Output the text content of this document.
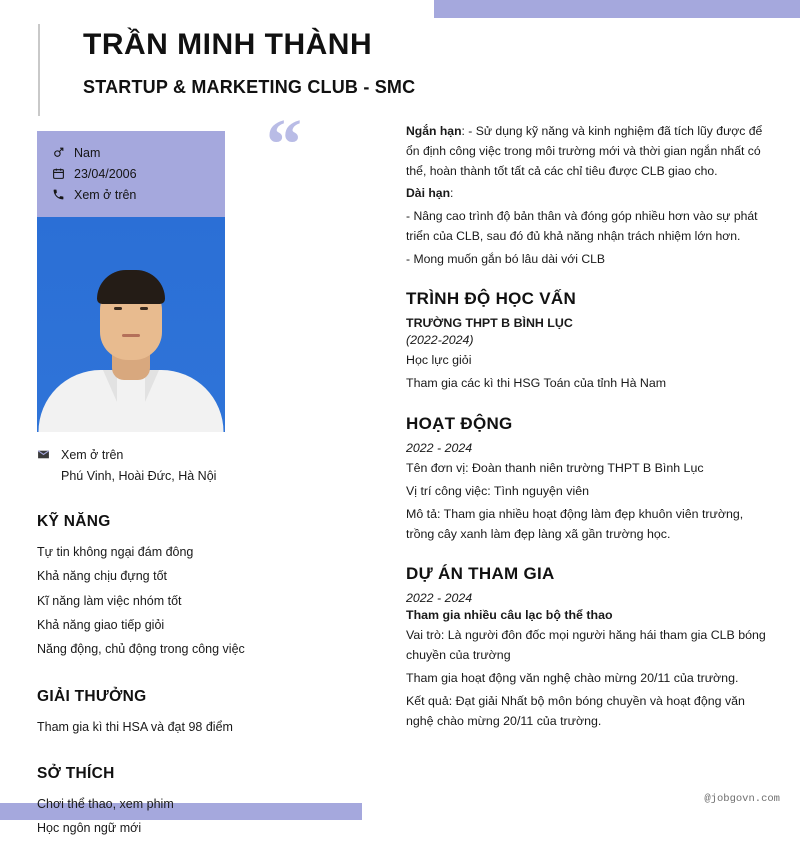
TRẦN MINH THÀNH
STARTUP & MARKETING CLUB - SMC
“
Nam
23/04/2006
Xem ở trên
Xem ở trên
Phú Vinh, Hoài Đức, Hà Nội
KỸ NĂNG
Tự tin không ngại đám đông
Khả năng chịu đựng tốt
Kĩ năng làm việc nhóm tốt
Khả năng giao tiếp giỏi
Năng động, chủ động trong công việc
GIẢI THƯỞNG
Tham gia kì thi HSA và đạt 98 điểm
SỞ THÍCH
Chơi thể thao, xem phim
Học ngôn ngữ mới

Ngắn hạn: - Sử dụng kỹ năng và kinh nghiệm đã tích lũy được để ổn định công việc trong môi trường mới và thời gian ngắn nhất có thể, hoàn thành tốt tất cả các chỉ tiêu được CLB giao cho.

Dài hạn:

- Nâng cao trình độ bản thân và đóng góp nhiều hơn vào sự phát triển của CLB, sau đó đủ khả năng nhận trách nhiệm lớn hơn.

- Mong muốn gắn bó lâu dài với CLB

TRÌNH ĐỘ HỌC VẤN

TRƯỜNG THPT B BÌNH LỤC

(2022-2024)

Học lực giỏi

Tham gia các kì thi HSG Toán của tỉnh Hà Nam

HOẠT ĐỘNG

2022 - 2024

Tên đơn vị: Đoàn thanh niên trường THPT B Bình Lục

Vị trí công việc: Tình nguyện viên

Mô tả: Tham gia nhiều hoạt động làm đẹp khuôn viên trường, trồng cây xanh làm đẹp làng xã gần trường học.

DỰ ÁN THAM GIA

2022 - 2024

Tham gia nhiều câu lạc bộ thể thao

Vai trò: Là người đôn đốc mọi người hăng hái tham gia CLB bóng chuyền của trường

Tham gia hoạt động văn nghệ chào mừng 20/11 của trường.

Kết quả: Đạt giải Nhất bộ môn bóng chuyền và hoạt động văn nghệ chào mừng 20/11 của trường.

@jobgovn.com
